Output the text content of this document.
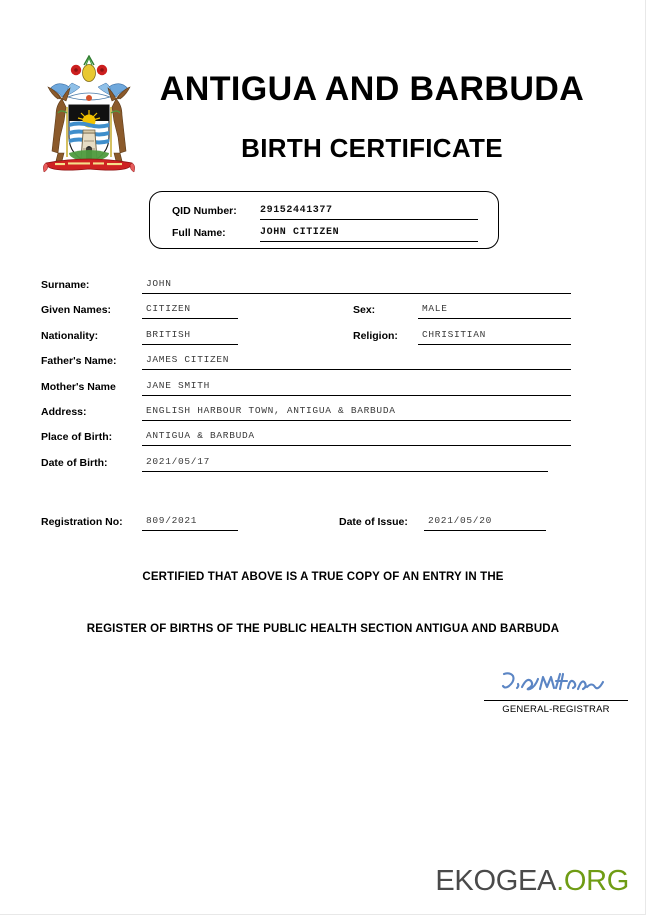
ANTIGUA AND BARBUDA
BIRTH CERTIFICATE
QID Number: 29152441377
Full Name:	JOHN CITIZEN
Surname:	JOHN
Given Names:	CITIZEN	Sex:	MALE
Nationality:	BRITISH	Religion:	CHRISITIAN
Father's Name:	JAMES CITIZEN
Mother's Name	JANE SMITH
Address:	ENGLISH HARBOUR TOWN, ANTIGUA & BARBUDA
Place of Birth:	ANTIGUA & BARBUDA
Date of Birth:	2021/05/17
Registration No:	809/2021	Date of Issue:	2021/05/20
CERTIFIED THAT ABOVE IS A TRUE COPY OF AN ENTRY IN THE
REGISTER OF BIRTHS OF THE PUBLIC HEALTH SECTION ANTIGUA AND BARBUDA
GENERAL-REGISTRAR
EKOGEA.ORG
